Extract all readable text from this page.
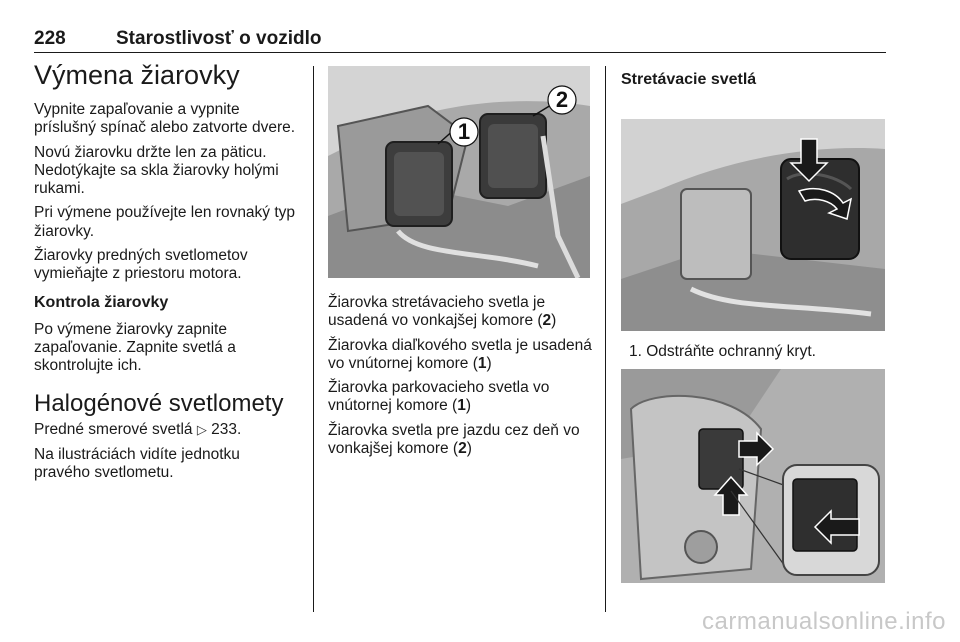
228	Starostlivosť o vozidlo
Výmena žiarovky

Vypnite zapaľovanie a vypnite príslušný spínač alebo zatvorte dvere.

Novú žiarovku držte len za päticu. Nedotýkajte sa skla žiarovky holými rukami.

Pri výmene používejte len rovnaký typ žiarovky.

Žiarovky predných svetlometov vymieňajte z priestoru motora.

Kontrola žiarovky

Po výmene žiarovky zapnite zapaľovanie. Zapnite svetlá a skontrolujte ich.

Halogénové svetlomety

Predné smerové svetlá ▷ 233.

Na ilustráciách vidíte jednotku pravého svetlometu.

1
2

Žiarovka stretávacieho svetla je usadená vo vonkajšej komore (2)

Žiarovka diaľkového svetla je usadená vo vnútornej komore (1)

Žiarovka parkovacieho svetla vo vnútornej komore (1)

Žiarovka svetla pre jazdu cez deň vo vonkajšej komore (2)

Stretávacie svetlá
1. Odstráňte ochranný kryt.
carmanualsonline.info
